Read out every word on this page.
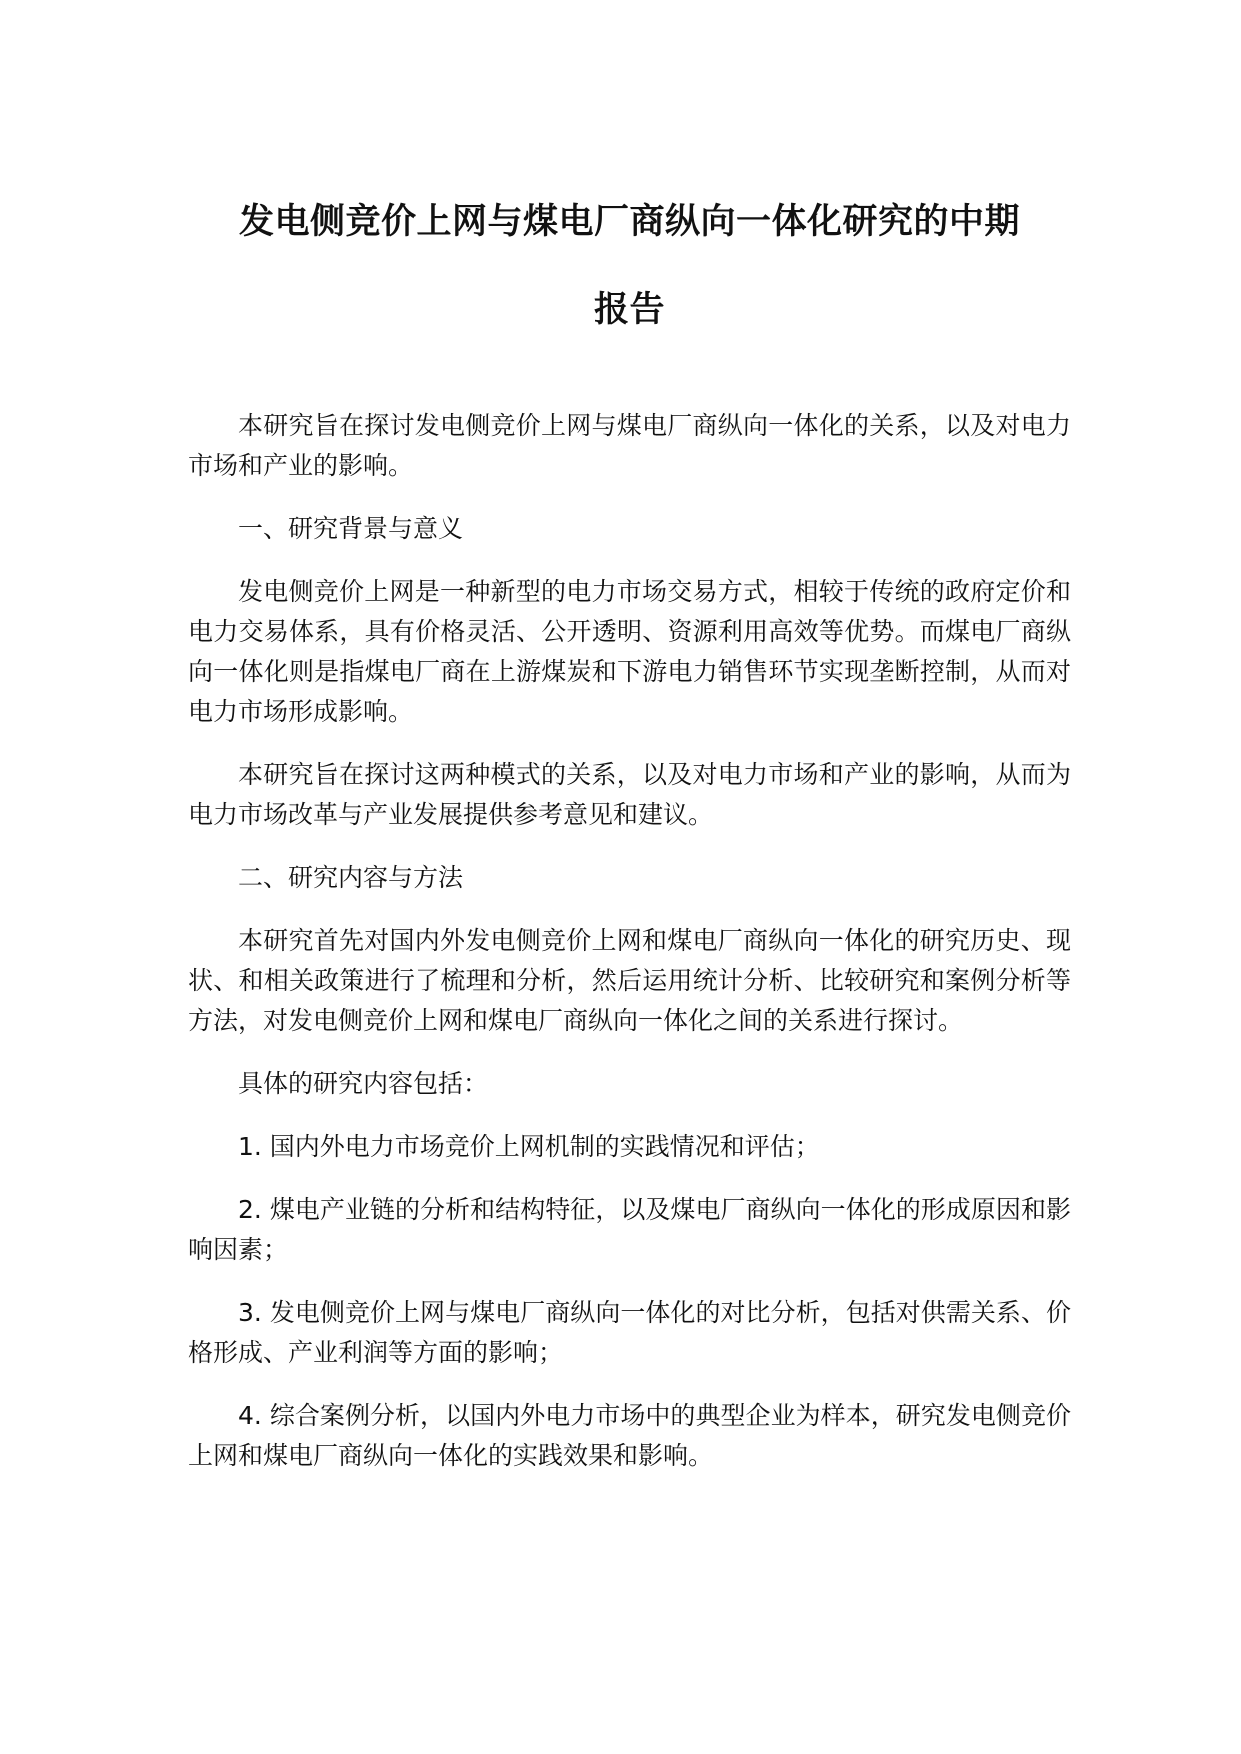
发电侧竞价上网与煤电厂商纵向一体化研究的中期
报告

本研究旨在探讨发电侧竞价上网与煤电厂商纵向一体化的关系，以及对电力市场和产业的影响。

一、研究背景与意义

发电侧竞价上网是一种新型的电力市场交易方式，相较于传统的政府定价和电力交易体系，具有价格灵活、公开透明、资源利用高效等优势。而煤电厂商纵向一体化则是指煤电厂商在上游煤炭和下游电力销售环节实现垄断控制，从而对电力市场形成影响。

本研究旨在探讨这两种模式的关系，以及对电力市场和产业的影响，从而为电力市场改革与产业发展提供参考意见和建议。

二、研究内容与方法

本研究首先对国内外发电侧竞价上网和煤电厂商纵向一体化的研究历史、现状、和相关政策进行了梳理和分析，然后运用统计分析、比较研究和案例分析等方法，对发电侧竞价上网和煤电厂商纵向一体化之间的关系进行探讨。

具体的研究内容包括：

1. 国内外电力市场竞价上网机制的实践情况和评估；

2. 煤电产业链的分析和结构特征，以及煤电厂商纵向一体化的形成原因和影响因素；

3. 发电侧竞价上网与煤电厂商纵向一体化的对比分析，包括对供需关系、价格形成、产业利润等方面的影响；

4. 综合案例分析，以国内外电力市场中的典型企业为样本，研究发电侧竞价上网和煤电厂商纵向一体化的实践效果和影响。
